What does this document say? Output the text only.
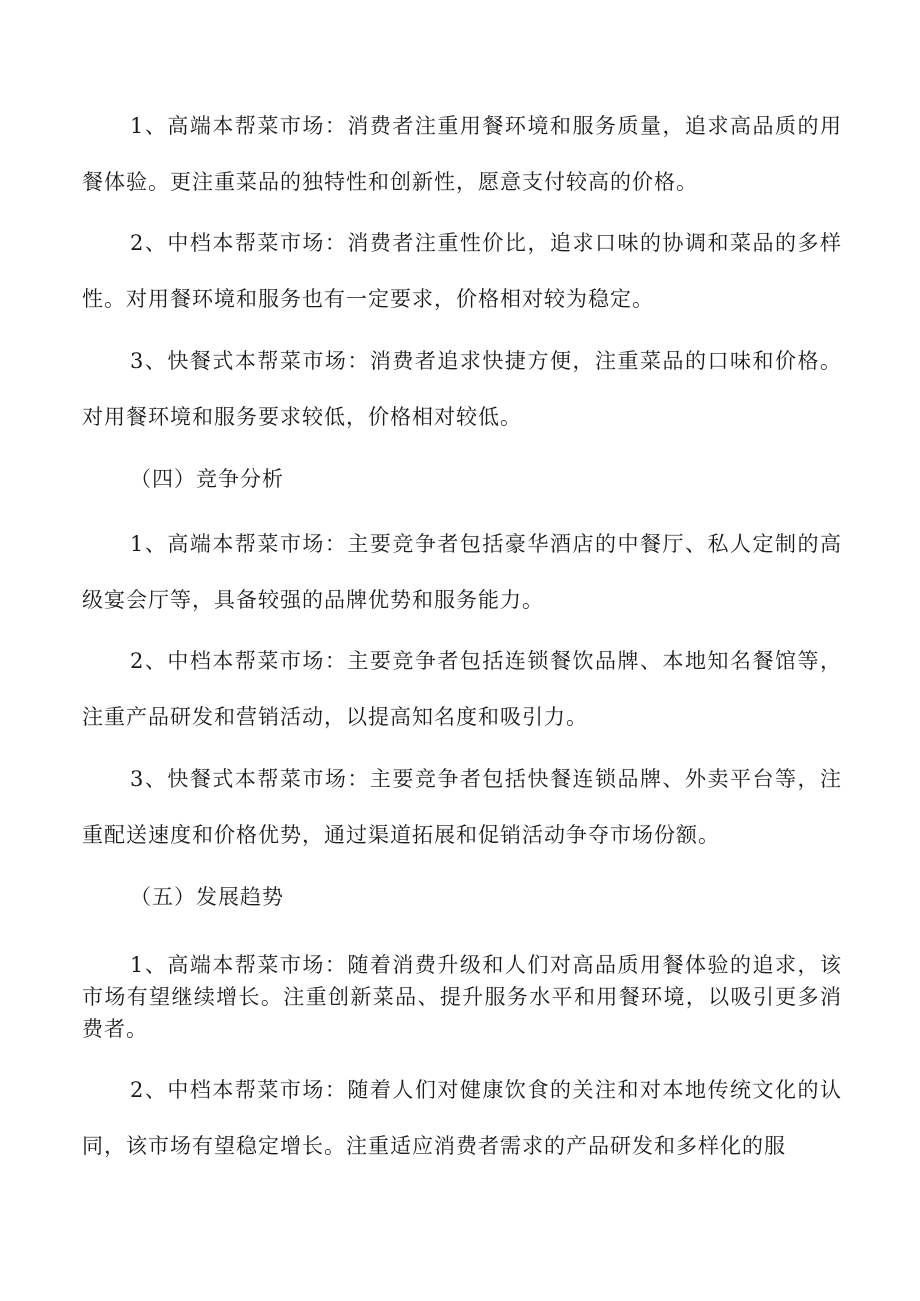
1、高端本帮菜市场：消费者注重用餐环境和服务质量，追求高品质的用餐体验。更注重菜品的独特性和创新性，愿意支付较高的价格。

2、中档本帮菜市场：消费者注重性价比，追求口味的协调和菜品的多样性。对用餐环境和服务也有一定要求，价格相对较为稳定。

3、快餐式本帮菜市场：消费者追求快捷方便，注重菜品的口味和价格。对用餐环境和服务要求较低，价格相对较低。

（四）竞争分析

1、高端本帮菜市场：主要竞争者包括豪华酒店的中餐厅、私人定制的高级宴会厅等，具备较强的品牌优势和服务能力。

2、中档本帮菜市场：主要竞争者包括连锁餐饮品牌、本地知名餐馆等，注重产品研发和营销活动，以提高知名度和吸引力。

3、快餐式本帮菜市场：主要竞争者包括快餐连锁品牌、外卖平台等，注重配送速度和价格优势，通过渠道拓展和促销活动争夺市场份额。

（五）发展趋势

1、高端本帮菜市场：随着消费升级和人们对高品质用餐体验的追求，该市场有望继续增长。注重创新菜品、提升服务水平和用餐环境，以吸引更多消费者。

2、中档本帮菜市场：随着人们对健康饮食的关注和对本地传统文化的认同，该市场有望稳定增长。注重适应消费者需求的产品研发和多样化的服
